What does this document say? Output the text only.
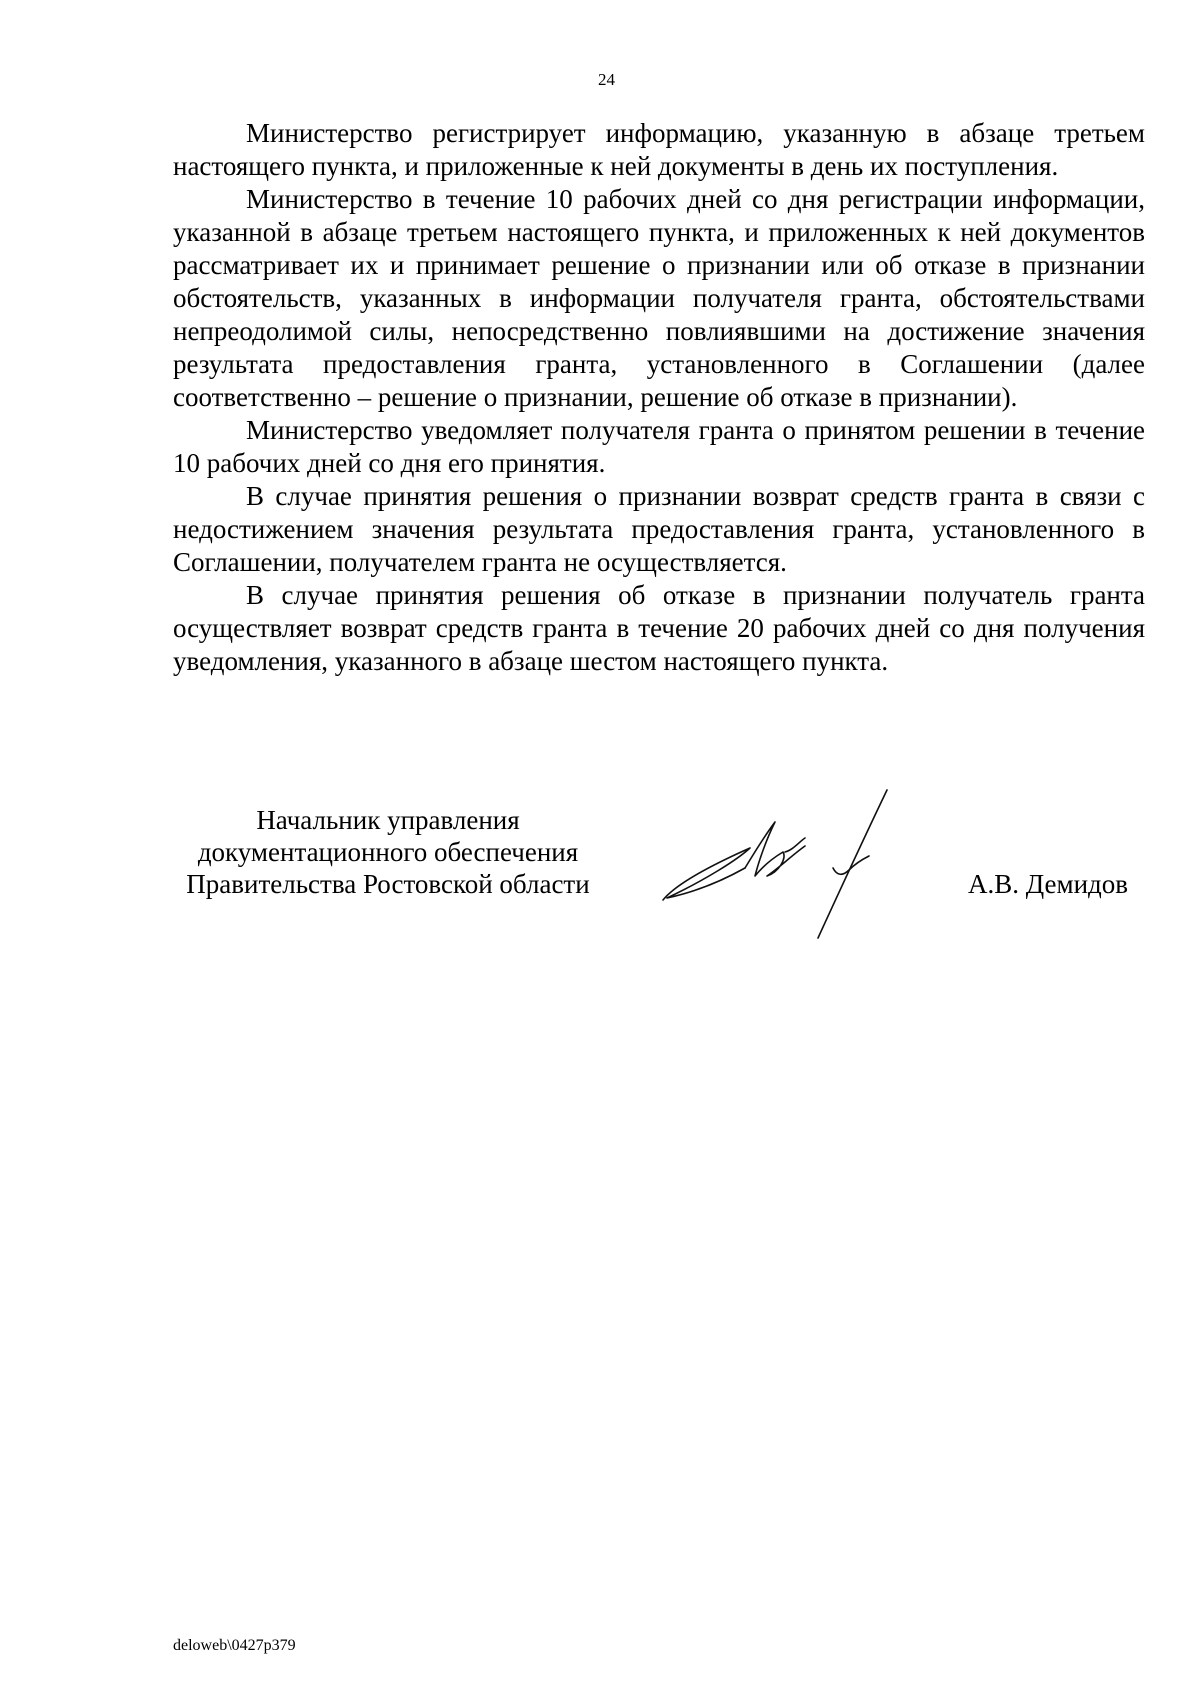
24

Министерство регистрирует информацию, указанную в абзаце третьем настоящего пункта, и приложенные к ней документы в день их поступления.

Министерство в течение 10 рабочих дней со дня регистрации информации, указанной в абзаце третьем настоящего пункта, и приложенных к ней документов рассматривает их и принимает решение о признании или об отказе в признании обстоятельств, указанных в информации получателя гранта, обстоятельствами непреодолимой силы, непосредственно повлиявшими на достижение значения результата предоставления гранта, установленного в Соглашении (далее соответственно – решение о признании, решение об отказе в признании).

Министерство уведомляет получателя гранта о принятом решении в течение 10 рабочих дней со дня его принятия.

В случае принятия решения о признании возврат средств гранта в связи с недостижением значения результата предоставления гранта, установленного в Соглашении, получателем гранта не осуществляется.

В случае принятия решения об отказе в признании получатель гранта осуществляет возврат средств гранта в течение 20 рабочих дней со дня получения уведомления, указанного в абзаце шестом настоящего пункта.

Начальник управления
документационного обеспечения
Правительства Ростовской области	А.В. Демидов
deloweb\0427p379
